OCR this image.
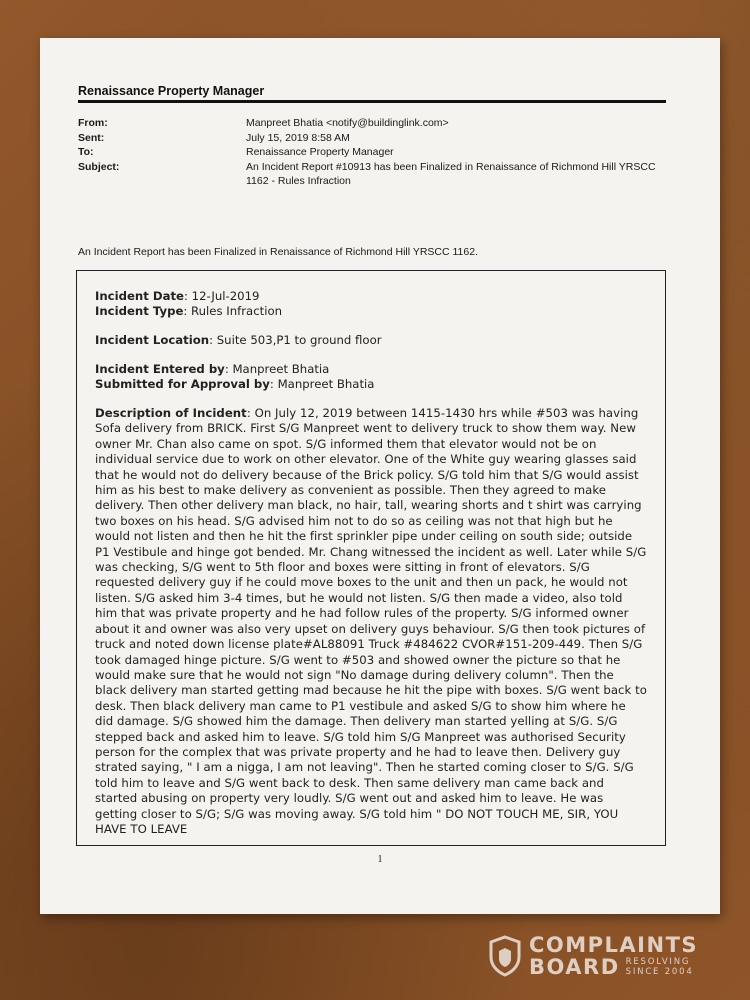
Renaissance Property Manager
From:	Manpreet Bhatia <notify@buildinglink.com>
Sent:	July 15, 2019 8:58 AM
To:	Renaissance Property Manager
Subject:	An Incident Report #10913 has been Finalized in Renaissance of Richmond Hill YRSCC 1162 - Rules Infraction
An Incident Report has been Finalized in Renaissance of Richmond Hill YRSCC 1162.
Incident Date: 12-Jul-2019
Incident Type: Rules Infraction
Incident Location: Suite 503,P1 to ground floor
Incident Entered by: Manpreet Bhatia
Submitted for Approval by: Manpreet Bhatia
Description of Incident: On July 12, 2019 between 1415-1430 hrs while #503 was having Sofa delivery from BRICK. First S/G Manpreet went to delivery truck to show them way. New owner Mr. Chan also came on spot. S/G informed them that elevator would not be on individual service due to work on other elevator. One of the White guy wearing glasses said that he would not do delivery because of the Brick policy. S/G told him that S/G would assist him as his best to make delivery as convenient as possible. Then they agreed to make delivery. Then other delivery man black, no hair, tall, wearing shorts and t shirt was carrying two boxes on his head. S/G advised him not to do so as ceiling was not that high but he would not listen and then he hit the first sprinkler pipe under ceiling on south side; outside P1 Vestibule and hinge got bended. Mr. Chang witnessed the incident as well. Later while S/G was checking, S/G went to 5th floor and boxes were sitting in front of elevators. S/G requested delivery guy if he could move boxes to the unit and then un pack, he would not listen. S/G asked him 3-4 times, but he would not listen. S/G then made a video, also told him that was private property and he had follow rules of the property. S/G informed owner about it and owner was also very upset on delivery guys behaviour. S/G then took pictures of truck and noted down license plate#AL88091 Truck #484622 CVOR#151-209-449. Then S/G took damaged hinge picture. S/G went to #503 and showed owner the picture so that he would make sure that he would not sign "No damage during delivery column". Then the black delivery man started getting mad because he hit the pipe with boxes. S/G went back to desk. Then black delivery man came to P1 vestibule and asked S/G to show him where he did damage. S/G showed him the damage. Then delivery man started yelling at S/G. S/G stepped back and asked him to leave. S/G told him S/G Manpreet was authorised Security person for the complex that was private property and he had to leave then. Delivery guy strated saying, " I am a nigga, I am not leaving". Then he started coming closer to S/G. S/G told him to leave and S/G went back to desk. Then same delivery man came back and started abusing on property very loudly. S/G went out and asked him to leave. He was getting closer to S/G; S/G was moving away. S/G told him " DO NOT TOUCH ME, SIR, YOU HAVE TO LEAVE
1
COMPLAINTS
BOARD RESOLVING
SINCE 2004
